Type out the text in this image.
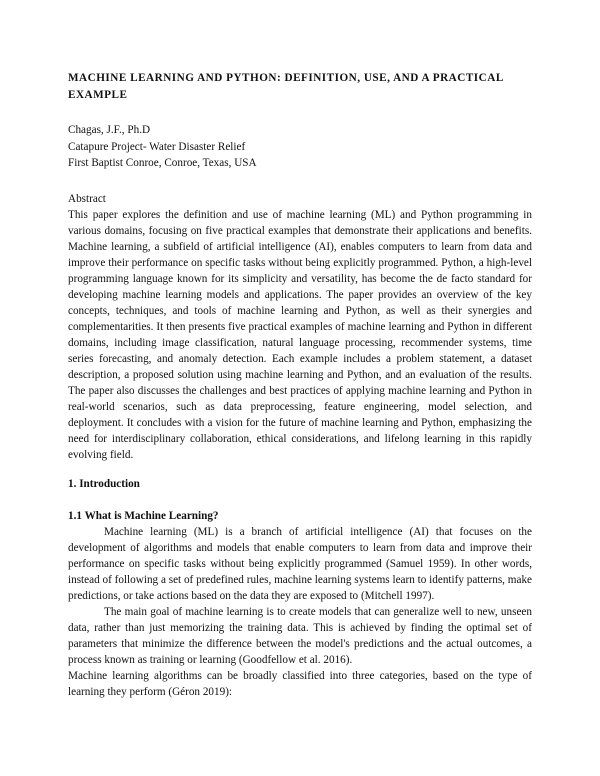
MACHINE LEARNING AND PYTHON: DEFINITION, USE, AND A PRACTICAL EXAMPLE
Chagas, J.F., Ph.D
Catapure Project- Water Disaster Relief
First Baptist Conroe, Conroe, Texas, USA
Abstract

This paper explores the definition and use of machine learning (ML) and Python programming in various domains, focusing on five practical examples that demonstrate their applications and benefits. Machine learning, a subfield of artificial intelligence (AI), enables computers to learn from data and improve their performance on specific tasks without being explicitly programmed. Python, a high-level programming language known for its simplicity and versatility, has become the de facto standard for developing machine learning models and applications. The paper provides an overview of the key concepts, techniques, and tools of machine learning and Python, as well as their synergies and complementarities. It then presents five practical examples of machine learning and Python in different domains, including image classification, natural language processing, recommender systems, time series forecasting, and anomaly detection. Each example includes a problem statement, a dataset description, a proposed solution using machine learning and Python, and an evaluation of the results. The paper also discusses the challenges and best practices of applying machine learning and Python in real-world scenarios, such as data preprocessing, feature engineering, model selection, and deployment. It concludes with a vision for the future of machine learning and Python, emphasizing the need for interdisciplinary collaboration, ethical considerations, and lifelong learning in this rapidly evolving field.

1. Introduction
1.1 What is Machine Learning?

Machine learning (ML) is a branch of artificial intelligence (AI) that focuses on the development of algorithms and models that enable computers to learn from data and improve their performance on specific tasks without being explicitly programmed (Samuel 1959). In other words, instead of following a set of predefined rules, machine learning systems learn to identify patterns, make predictions, or take actions based on the data they are exposed to (Mitchell 1997).

The main goal of machine learning is to create models that can generalize well to new, unseen data, rather than just memorizing the training data. This is achieved by finding the optimal set of parameters that minimize the difference between the model's predictions and the actual outcomes, a process known as training or learning (Goodfellow et al. 2016).

Machine learning algorithms can be broadly classified into three categories, based on the type of learning they perform (Géron 2019):
